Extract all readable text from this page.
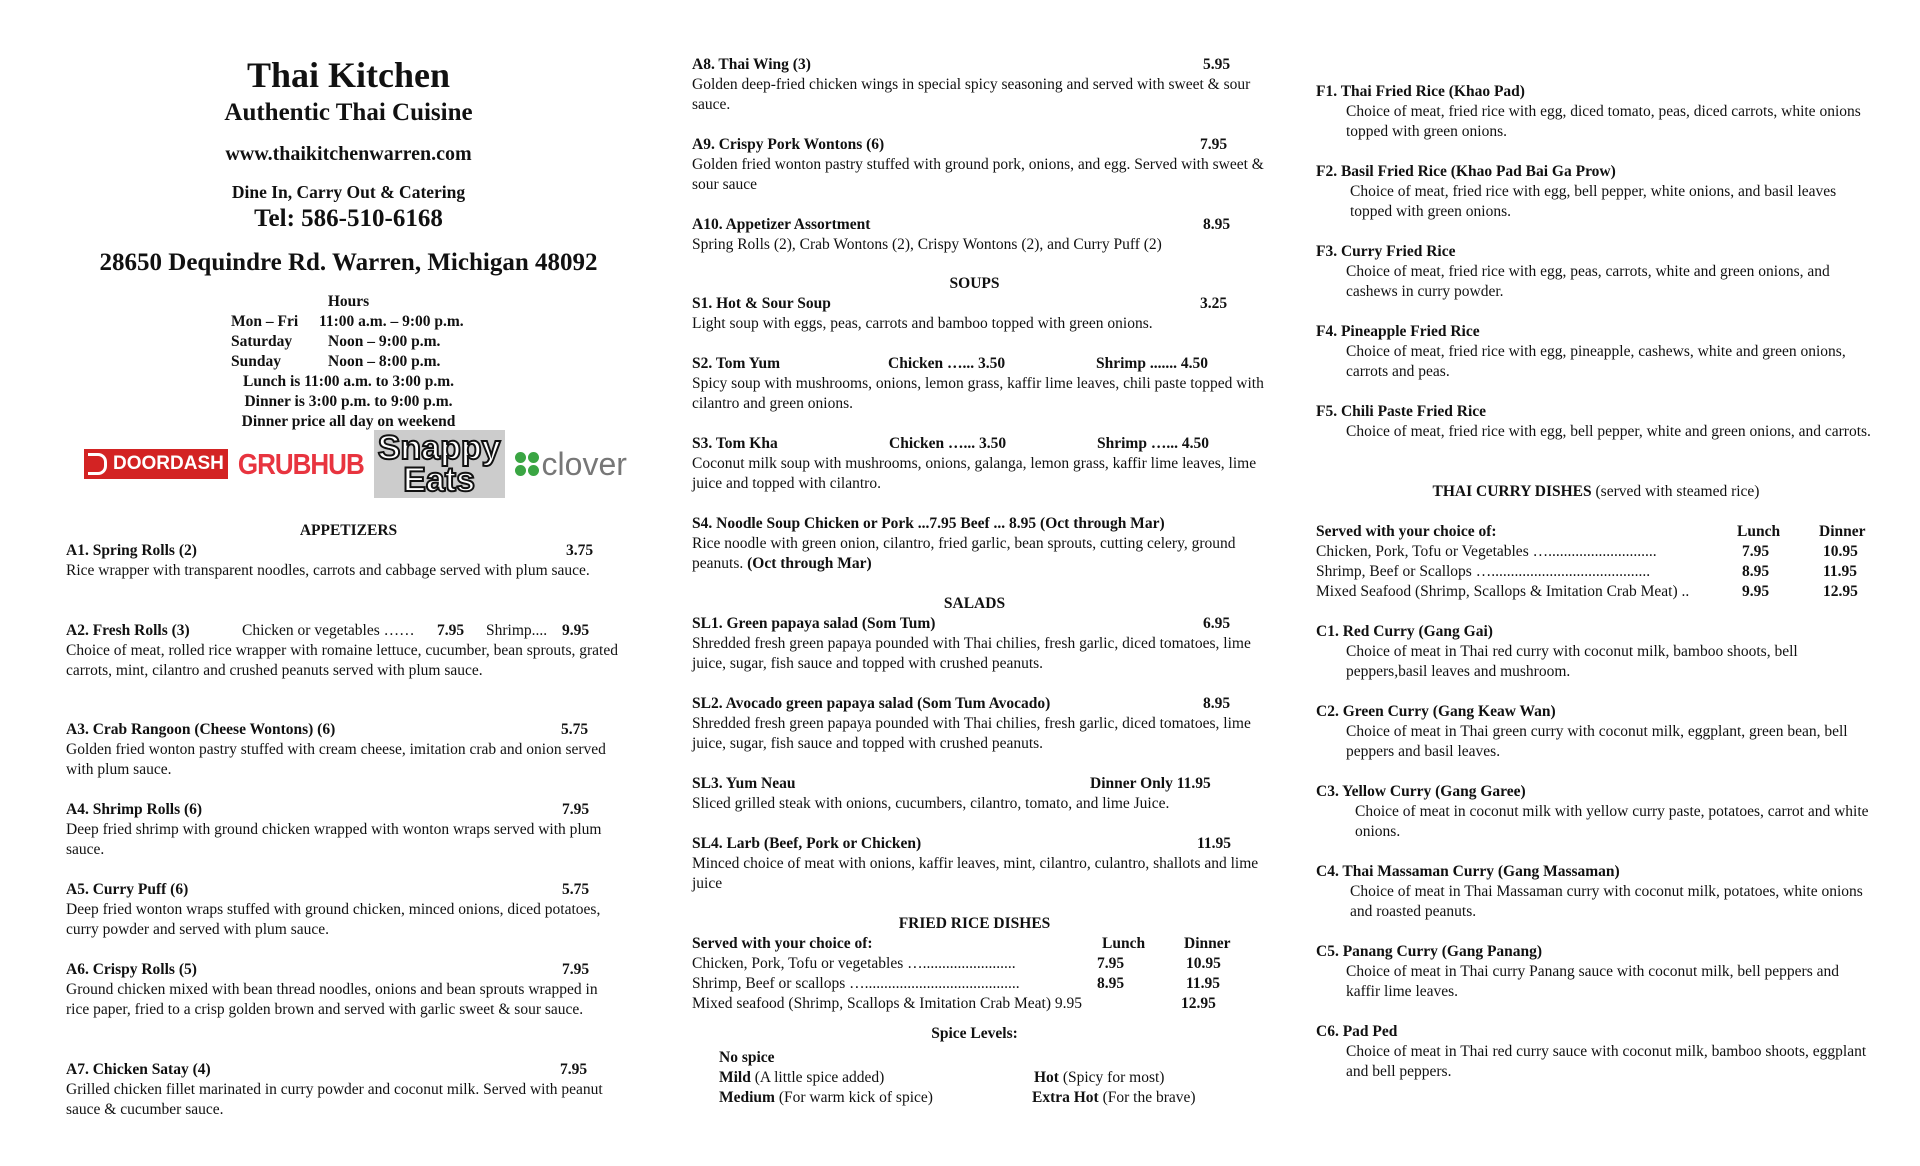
Thai Kitchen
Authentic Thai Cuisine
www.thaikitchenwarren.com
Dine In, Carry Out & Catering
Tel: 586-510-6168
28650 Dequindre Rd. Warren, Michigan 48092
Hours
Mon – Fri 11:00 a.m. – 9:00 p.m.
Saturday Noon – 9:00 p.m.
Sunday	Noon – 8:00 p.m.
Lunch is 11:00 a.m. to 3:00 p.m.
Dinner is 3:00 p.m. to 9:00 p.m.
Dinner price all day on weekend
DOORDASH GRUBHUB Snappy
Eats	clover
APPETIZERS
A1. Spring Rolls (2)	3.75
Rice wrapper with transparent noodles, carrots and cabbage served with plum sauce.
A2. Fresh Rolls (3)	Chicken or vegetables …… 7.95 Shrimp.... 9.95
Choice of meat, rolled rice wrapper with romaine lettuce, cucumber, bean sprouts, grated carrots, mint, cilantro and crushed peanuts served with plum sauce.
A3. Crab Rangoon (Cheese Wontons) (6)	5.75
Golden fried wonton pastry stuffed with cream cheese, imitation crab and onion served with plum sauce.
A4. Shrimp Rolls (6)	7.95
Deep fried shrimp with ground chicken wrapped with wonton wraps served with plum sauce.
A5. Curry Puff (6)	5.75
Deep fried wonton wraps stuffed with ground chicken, minced onions, diced potatoes, curry powder and served with plum sauce.
A6. Crispy Rolls (5)	7.95
Ground chicken mixed with bean thread noodles, onions and bean sprouts wrapped in rice paper, fried to a crisp golden brown and served with garlic sweet & sour sauce.
A7. Chicken Satay (4)	7.95
Grilled chicken fillet marinated in curry powder and coconut milk. Served with peanut sauce & cucumber sauce.
A8. Thai Wing (3)	5.95
Golden deep-fried chicken wings in special spicy seasoning and served with sweet & sour sauce.
A9. Crispy Pork Wontons (6)	7.95
Golden fried wonton pastry stuffed with ground pork, onions, and egg. Served with sweet & sour sauce
A10. Appetizer Assortment	8.95
Spring Rolls (2), Crab Wontons (2), Crispy Wontons (2), and Curry Puff (2)
SOUPS
S1. Hot & Sour Soup	3.25
Light soup with eggs, peas, carrots and bamboo topped with green onions.
S2. Tom Yum	Chicken …... 3.50	Shrimp ....... 4.50
Spicy soup with mushrooms, onions, lemon grass, kaffir lime leaves, chili paste topped with cilantro and green onions.
S3. Tom Kha	Chicken …... 3.50	Shrimp …... 4.50
Coconut milk soup with mushrooms, onions, galanga, lemon grass, kaffir lime leaves, lime juice and topped with cilantro.
S4. Noodle Soup Chicken or Pork ...7.95 Beef ... 8.95 (Oct through Mar)
Rice noodle with green onion, cilantro, fried garlic, bean sprouts, cutting celery, ground peanuts. (Oct through Mar)
SALADS
SL1. Green papaya salad (Som Tum)	6.95
Shredded fresh green papaya pounded with Thai chilies, fresh garlic, diced tomatoes, lime juice, sugar, fish sauce and topped with crushed peanuts.
SL2. Avocado green papaya salad (Som Tum Avocado)	8.95
Shredded fresh green papaya pounded with Thai chilies, fresh garlic, diced tomatoes, lime juice, sugar, fish sauce and topped with crushed peanuts.
SL3. Yum Neau	Dinner Only 11.95
Sliced grilled steak with onions, cucumbers, cilantro, tomato, and lime Juice.
SL4. Larb (Beef, Pork or Chicken)	11.95
Minced choice of meat with onions, kaffir leaves, mint, cilantro, culantro, shallots and lime juice
FRIED RICE DISHES
Served with your choice of:	Lunch	Dinner
Chicken, Pork, Tofu or vegetables …........................	7.95	10.95
Shrimp, Beef or scallops …........................................	8.95	11.95
Mixed seafood (Shrimp, Scallops & Imitation Crab Meat) 9.95	12.95
Spice Levels:
No spice
Mild (A little spice added)	Hot (Spicy for most)
Medium (For warm kick of spice)	Extra Hot (For the brave)
F1. Thai Fried Rice (Khao Pad)
Choice of meat, fried rice with egg, diced tomato, peas, diced carrots, white onions topped with green onions.
F2. Basil Fried Rice (Khao Pad Bai Ga Prow)
Choice of meat, fried rice with egg, bell pepper, white onions, and basil leaves topped with green onions.
F3. Curry Fried Rice
Choice of meat, fried rice with egg, peas, carrots, white and green onions, and cashews in curry powder.
F4. Pineapple Fried Rice
Choice of meat, fried rice with egg, pineapple, cashews, white and green onions, carrots and peas.
F5. Chili Paste Fried Rice
Choice of meat, fried rice with egg, bell pepper, white and green onions, and carrots.
THAI CURRY DISHES (served with steamed rice)
Served with your choice of:	Lunch	Dinner
Chicken, Pork, Tofu or Vegetables …............................	7.95	10.95
Shrimp, Beef or Scallops ….........................................	8.95	11.95
Mixed Seafood (Shrimp, Scallops & Imitation Crab Meat) ..	9.95	12.95
C1. Red Curry (Gang Gai)
Choice of meat in Thai red curry with coconut milk, bamboo shoots, bell peppers,basil leaves and mushroom.
C2. Green Curry (Gang Keaw Wan)
Choice of meat in Thai green curry with coconut milk, eggplant, green bean, bell peppers and basil leaves.
C3. Yellow Curry (Gang Garee)
Choice of meat in coconut milk with yellow curry paste, potatoes, carrot and white onions.
C4. Thai Massaman Curry (Gang Massaman)
Choice of meat in Thai Massaman curry with coconut milk, potatoes, white onions and roasted peanuts.
C5. Panang Curry (Gang Panang)
Choice of meat in Thai curry Panang sauce with coconut milk, bell peppers and kaffir lime leaves.
C6. Pad Ped
Choice of meat in Thai red curry sauce with coconut milk, bamboo shoots, eggplant and bell peppers.
